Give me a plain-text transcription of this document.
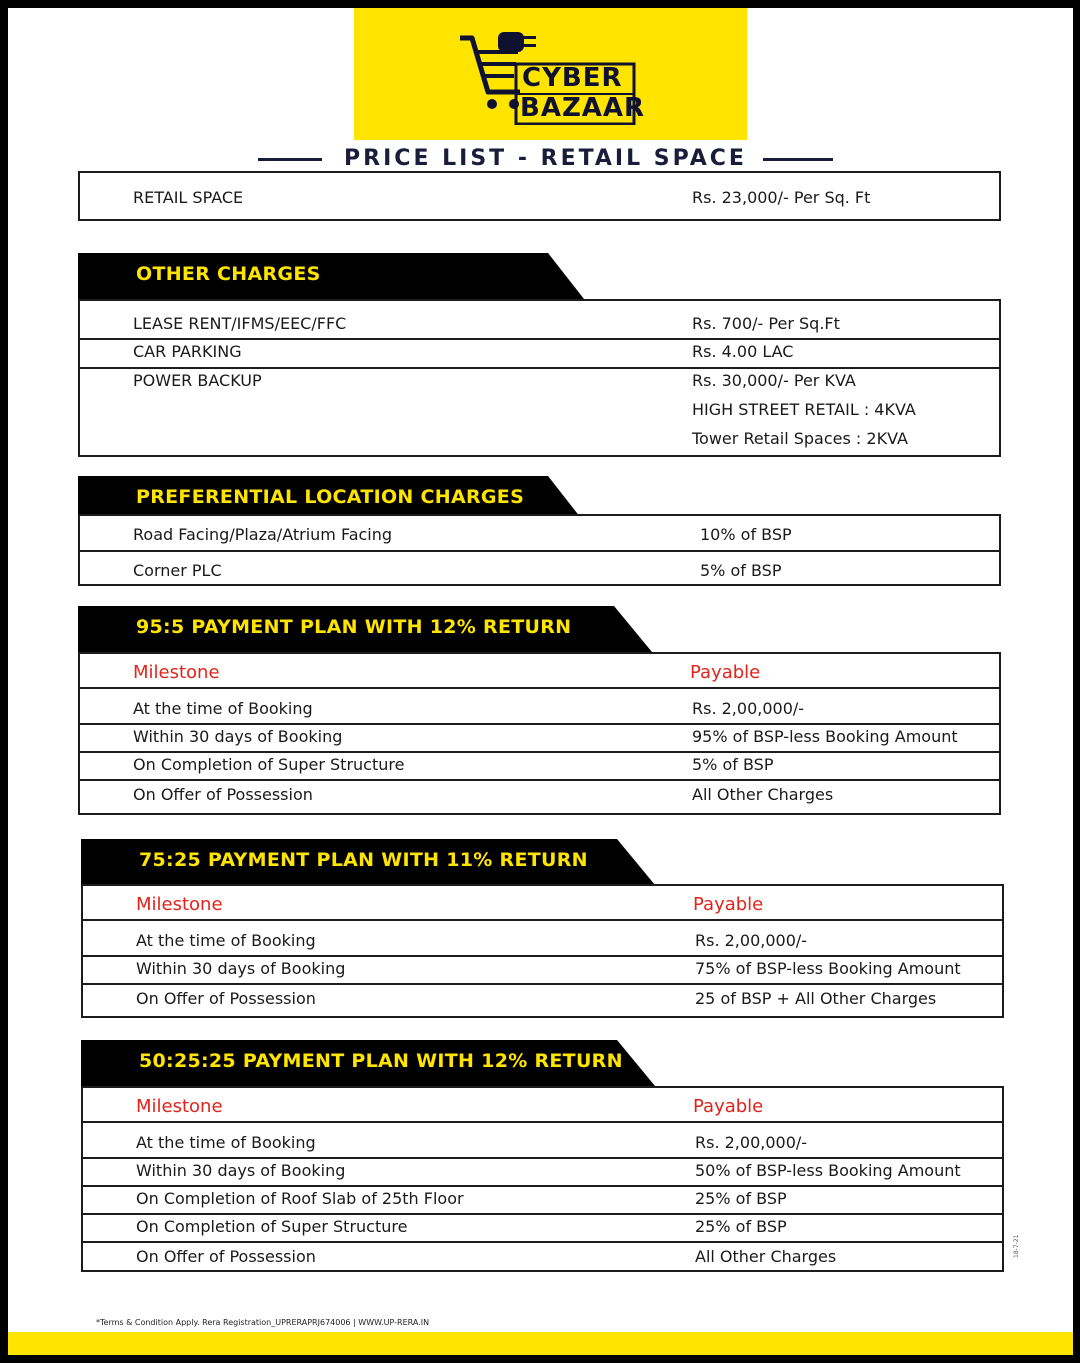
CYBER
BAZAAR
PRICE LIST - RETAIL SPACE
RETAIL SPACE	Rs. 23,000/- Per Sq. Ft
OTHER CHARGES
LEASE RENT/IFMS/EEC/FFC	Rs. 700/- Per Sq.Ft
CAR PARKING	Rs. 4.00 LAC
POWER BACKUP	Rs. 30,000/- Per KVA
HIGH STREET RETAIL : 4KVA
Tower Retail Spaces : 2KVA
PREFERENTIAL LOCATION CHARGES
Road Facing/Plaza/Atrium Facing	10% of BSP
Corner PLC	5% of BSP
95:5 PAYMENT PLAN WITH 12% RETURN
Milestone	Payable
At the time of Booking	Rs. 2,00,000/-
Within 30 days of Booking	95% of BSP-less Booking Amount
On Completion of Super Structure	5% of BSP
On Offer of Possession	All Other Charges
75:25 PAYMENT PLAN WITH 11% RETURN
Milestone	Payable
At the time of Booking	Rs. 2,00,000/-
Within 30 days of Booking	75% of BSP-less Booking Amount
On Offer of Possession	25 of BSP + All Other Charges
50:25:25 PAYMENT PLAN WITH 12% RETURN
Milestone	Payable
At the time of Booking	Rs. 2,00,000/-
Within 30 days of Booking	50% of BSP-less Booking Amount
On Completion of Roof Slab of 25th Floor	25% of BSP
On Completion of Super Structure	25% of BSP
On Offer of Possession	All Other Charges	18-7-21
*Terms & Condition Apply. Rera Registration_UPRERAPRJ674006 | WWW.UP-RERA.IN
